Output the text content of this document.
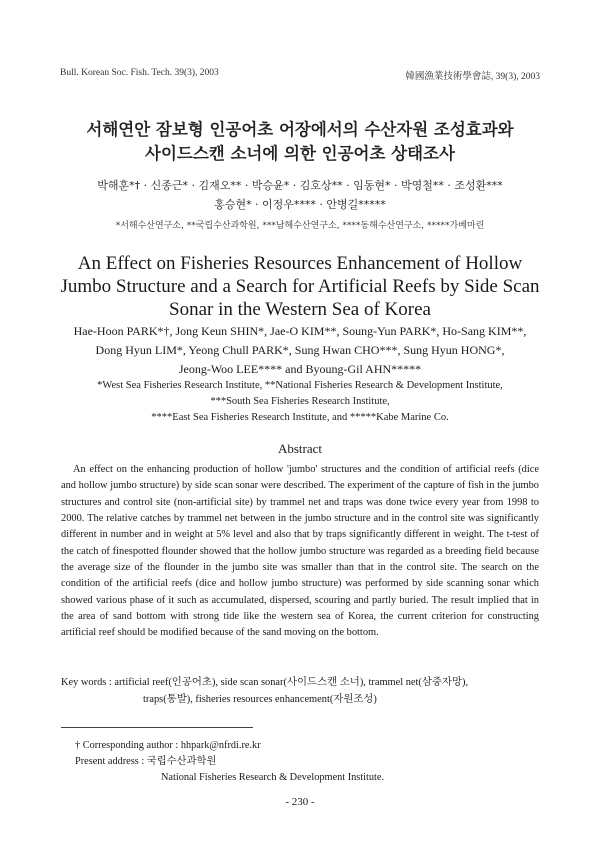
Bull. Korean Soc. Fish. Tech. 39(3), 2003	韓國漁業技術學會誌, 39(3), 2003
서해연안 잠보형 인공어초 어장에서의 수산자원 조성효과와
사이드스캔 소너에 의한 인공어초 상태조사
박해훈*† · 신종근* · 김재오** · 박승윤* · 김호상** · 임동현* · 박영철** · 조성환***
홍승현* · 이정우**** · 안병길*****
*서해수산연구소, **국립수산과학원, ***남해수산연구소, ****동해수산연구소, *****가베마린
An Effect on Fisheries Resources Enhancement of Hollow
Jumbo Structure and a Search for Artificial Reefs by Side Scan
Sonar in the Western Sea of Korea
Hae-Hoon PARK*†, Jong Keun SHIN*, Jae-O KIM**, Soung-Yun PARK*, Ho-Sang KIM**,
Dong Hyun LIM*, Yeong Chull PARK*, Sung Hwan CHO***, Sung Hyun HONG*,
Jeong-Woo LEE**** and Byoung-Gil AHN*****
*West Sea Fisheries Research Institute, **National Fisheries Research & Development Institute,
***South Sea Fisheries Research Institute,
****East Sea Fisheries Research Institute, and *****Kabe Marine Co.
Abstract
An effect on the enhancing production of hollow 'jumbo' structures and the condition of artificial reefs (dice and hollow jumbo structure) by side scan sonar were described. The experiment of the capture of fish in the jumbo structures and control site (non-artificial site) by trammel net and traps was done twice every year from 1998 to 2000. The relative catches by trammel net between in the jumbo structure and in the control site was significantly different in number and in weight at 5% level and also that by traps significantly different in weight. The t-test of the catch of finespotted flounder showed that the hollow jumbo structure was regarded as a breeding field because the average size of the flounder in the jumbo site was smaller than that in the control site. The search on the condition of the artificial reefs (dice and hollow jumbo structure) was performed by side scanning sonar which showed various phase of it such as accumulated, dispersed, scouring and partly buried. The result implied that in the area of sand bottom with strong tide like the western sea of Korea, the current criterion for constructing artificial reef should be modified because of the sand moving on the bottom.
Key words : artificial reef(인공어초), side scan sonar(사이드스캔 소너), trammel net(삼중자망),
traps(통발), fisheries resources enhancement(자원조성)
† Corresponding author : hhpark@nfrdi.re.kr
Present address : 국립수산과학원
National Fisheries Research & Development Institute.
- 230 -
